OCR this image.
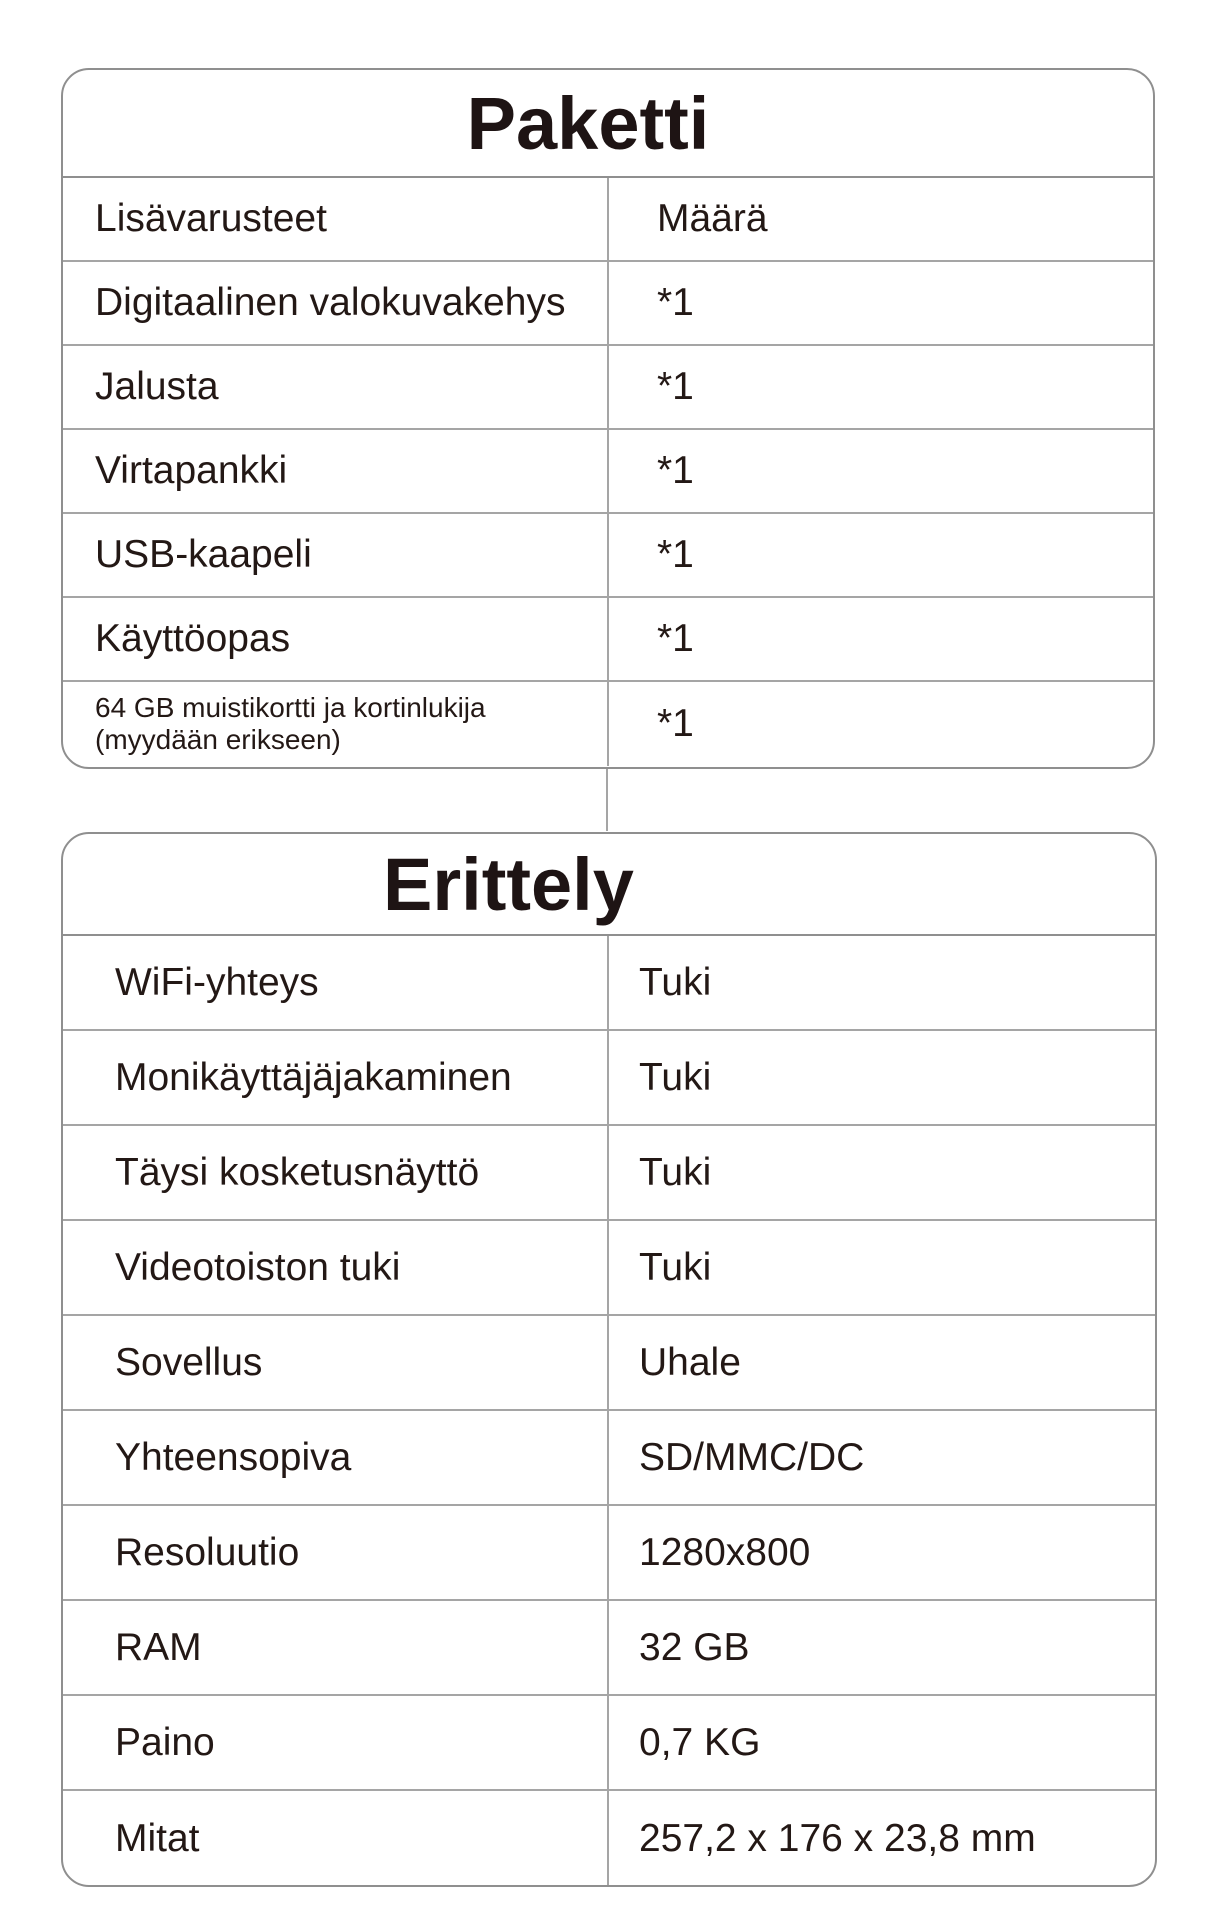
Paketti
Lisävarusteet	Määrä
Digitaalinen valokuvakehys	*1
Jalusta	*1
Virtapankki	*1
USB-kaapeli	*1
Käyttöopas	*1
64 GB muistikortti ja kortinlukija
(myydään erikseen)	*1
Erittely
WiFi-yhteys	Tuki
Monikäyttäjäjakaminen	Tuki
Täysi kosketusnäyttö	Tuki
Videotoiston tuki	Tuki
Sovellus	Uhale
Yhteensopiva	SD/MMC/DC
Resoluutio	1280x800
RAM	32 GB
Paino	0,7 KG
Mitat	257,2 x 176 x 23,8 mm
